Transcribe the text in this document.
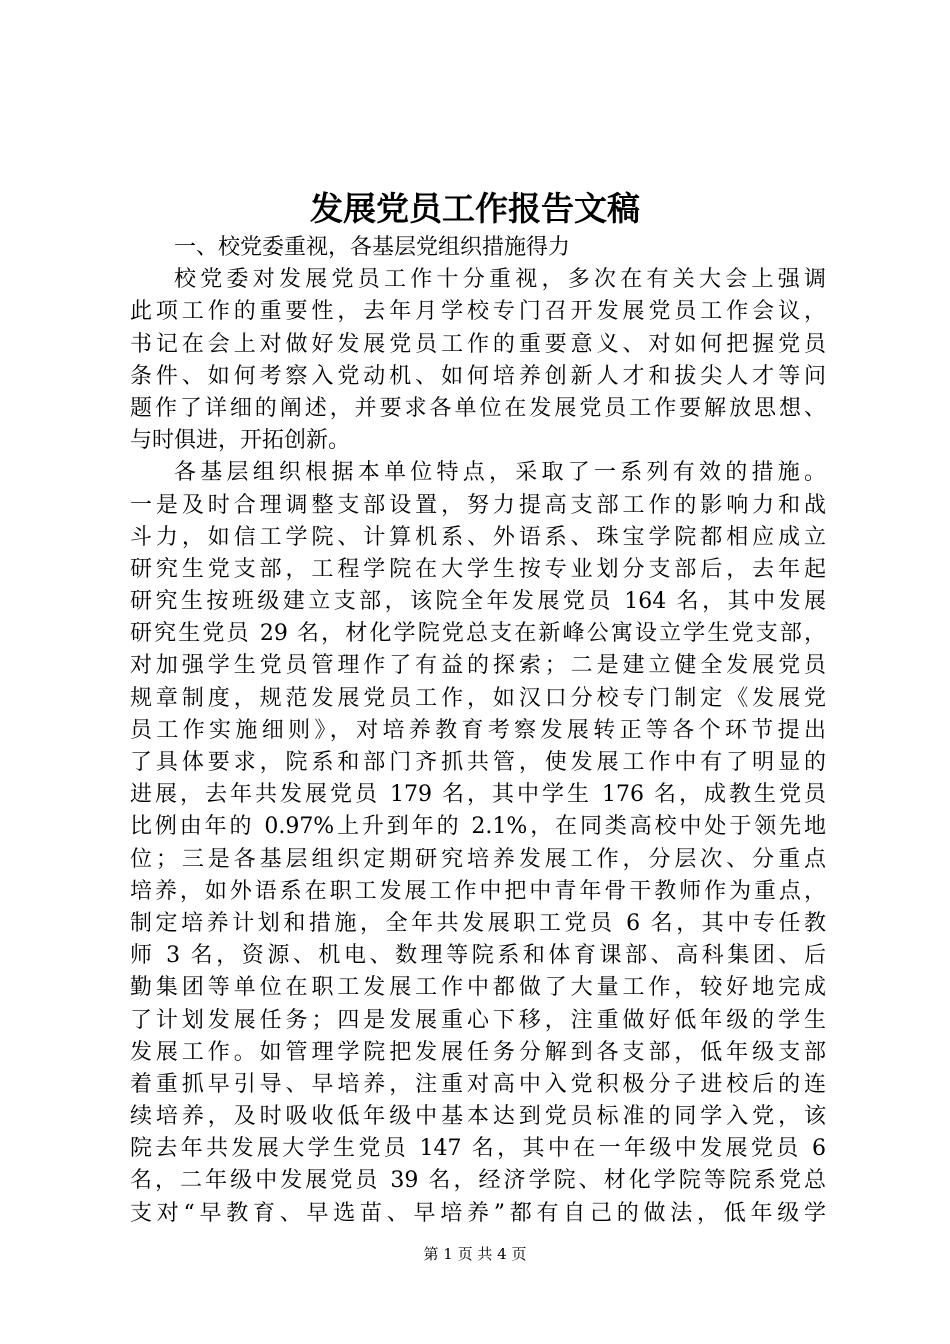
发展党员工作报告文稿
一、校党委重视，各基层党组织措施得力
校党委对发展党员工作十分重视，多次在有关大会上强调
此项工作的重要性，去年月学校专门召开发展党员工作会议，
书记在会上对做好发展党员工作的重要意义、对如何把握党员
条件、如何考察入党动机、如何培养创新人才和拔尖人才等问
题作了详细的阐述，并要求各单位在发展党员工作要解放思想、
与时俱进，开拓创新。
各基层组织根据本单位特点，采取了一系列有效的措施。
一是及时合理调整支部设置，努力提高支部工作的影响力和战
斗力，如信工学院、计算机系、外语系、珠宝学院都相应成立
研究生党支部，工程学院在大学生按专业划分支部后，去年起
研究生按班级建立支部，该院全年发展党员 164 名，其中发展
研究生党员 29 名，材化学院党总支在新峰公寓设立学生党支部，
对加强学生党员管理作了有益的探索；二是建立健全发展党员
规章制度，规范发展党员工作，如汉口分校专门制定《发展党
员工作实施细则》，对培养教育考察发展转正等各个环节提出
了具体要求，院系和部门齐抓共管，使发展工作中有了明显的
进展，去年共发展党员 179 名，其中学生 176 名，成教生党员
比例由年的 0.97%上升到年的 2.1%，在同类高校中处于领先地
位；三是各基层组织定期研究培养发展工作，分层次、分重点
培养，如外语系在职工发展工作中把中青年骨干教师作为重点，
制定培养计划和措施，全年共发展职工党员 6 名，其中专任教
师 3 名，资源、机电、数理等院系和体育课部、高科集团、后
勤集团等单位在职工发展工作中都做了大量工作，较好地完成
了计划发展任务；四是发展重心下移，注重做好低年级的学生
发展工作。如管理学院把发展任务分解到各支部，低年级支部
着重抓早引导、早培养，注重对高中入党积极分子进校后的连
续培养，及时吸收低年级中基本达到党员标准的同学入党，该
院去年共发展大学生党员 147 名，其中在一年级中发展党员 6
名，二年级中发展党员 39 名，经济学院、材化学院等院系党总
支对“早教育、早选苗、早培养”都有自己的做法，低年级学
第 1 页 共 4 页
